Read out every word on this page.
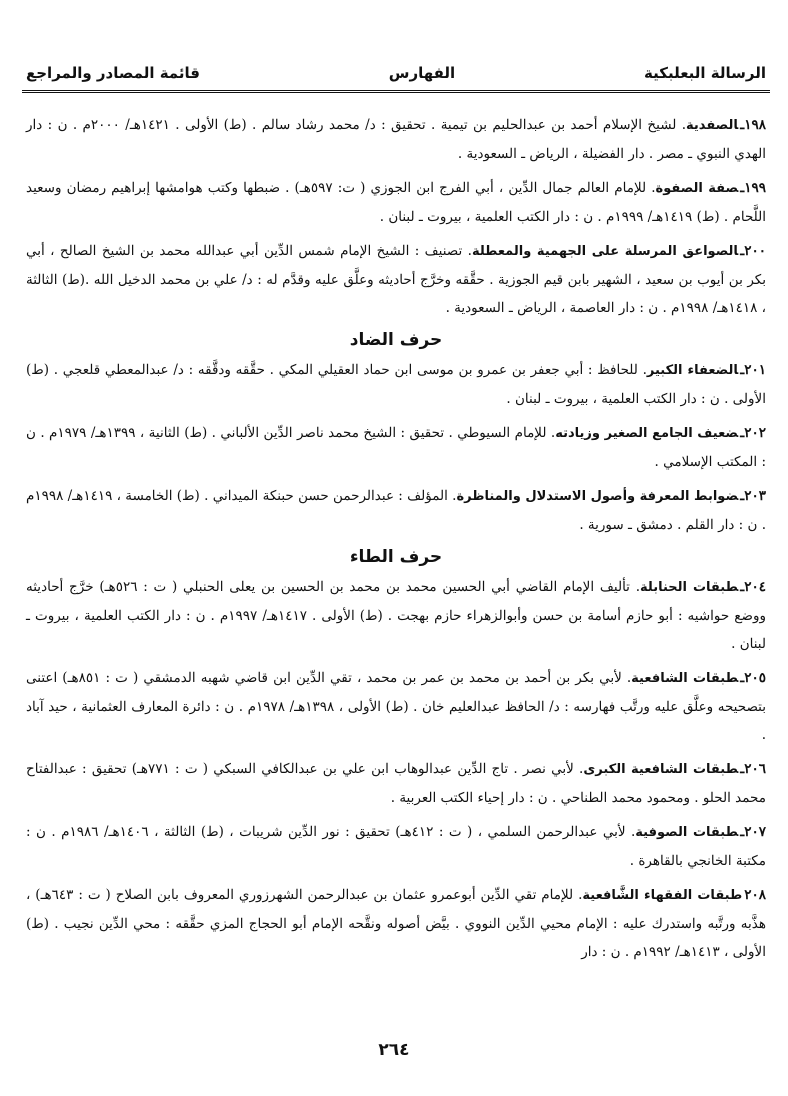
الرسالة البعلبكية
الفهارس
قائمة المصادر والمراجع

١٩٨ـالصفدية. لشيخ الإسلام أحمد بن عبدالحليم بن تيمية . تحقيق : د/ محمد رشاد سالم . (ط) الأولى . ١٤٢١هـ/ ٢٠٠٠م . ن : دار الهدي النبوي ـ مصر . دار الفضيلة ، الرياض ـ السعودية .

١٩٩ـصفة الصفوة. للإمام العالم جمال الدِّين ، أبي الفرج ابن الجوزي ( ت: ٥٩٧هـ) . ضبطها وكتب هوامشها إبراهيم رمضان وسعيد اللَّحام . (ط) ١٤١٩هـ/ ١٩٩٩م . ن : دار الكتب العلمية ، بيروت ـ لبنان .

٢٠٠ـالصواعق المرسلة على الجهمية والمعطلة. تصنيف : الشيخ الإمام شمس الدِّين أبي عبدالله محمد بن الشيخ الصالح ، أبي بكر بن أيوب بن سعيد ، الشهير بابن قيم الجوزية . حقَّقه وخرَّج أحاديثه وعلَّق عليه وقدَّم له : د/ علي بن محمد الدخيل الله .(ط) الثالثة ، ١٤١٨هـ/ ١٩٩٨م . ن : دار العاصمة ، الرياض ـ السعودية .

حرف الضاد

٢٠١ـالضعفاء الكبير. للحافظ : أبي جعفر بن عمرو بن موسى ابن حماد العقيلي المكي . حقَّقه ودقَّقه : د/ عبدالمعطي قلعجي . (ط) الأولى . ن : دار الكتب العلمية ، بيروت ـ لبنان .

٢٠٢ـضعيف الجامع الصغير وزيادته. للإمام السيوطي . تحقيق : الشيخ محمد ناصر الدِّين الألباني . (ط) الثانية ، ١٣٩٩هـ/ ١٩٧٩م . ن : المكتب الإسلامي .

٢٠٣ـضوابط المعرفة وأصول الاستدلال والمناظرة. المؤلف : عبدالرحمن حسن حبنكة الميداني . (ط) الخامسة ، ١٤١٩هـ/ ١٩٩٨م . ن : دار القلم . دمشق ـ سورية .

حرف الطاء

٢٠٤ـطبقات الحنابلة. تأليف الإمام القاضي أبي الحسين محمد بن محمد بن الحسين بن يعلى الحنبلي ( ت : ٥٢٦هـ) خرَّج أحاديثه ووضع حواشيه : أبو حازم أسامة بن حسن وأبوالزهراء حازم بهجت . (ط) الأولى . ١٤١٧هـ/ ١٩٩٧م . ن : دار الكتب العلمية ، بيروت ـ لبنان .

٢٠٥ـطبقات الشافعية. لأبي بكر بن أحمد بن محمد بن عمر بن محمد ، تقي الدِّين ابن قاضي شهبه الدمشقي ( ت : ٨٥١هـ) اعتنى بتصحيحه وعلَّق عليه ورتَّب فهارسه : د/ الحافظ عبدالعليم خان . (ط) الأولى ، ١٣٩٨هـ/ ١٩٧٨م . ن : دائرة المعارف العثمانية ، حيد آباد .

٢٠٦ـطبقات الشافعية الكبرى. لأبي نصر . تاج الدِّين عبدالوهاب ابن علي بن عبدالكافي السبكي ( ت : ٧٧١هـ) تحقيق : عبدالفتاح محمد الحلو . ومحمود محمد الطناحي . ن : دار إحياء الكتب العربية .

٢٠٧ـطبقات الصوفية. لأبي عبدالرحمن السلمي ، ( ت : ٤١٢هـ) تحقيق : نور الدِّين شريبات ، (ط) الثالثة ، ١٤٠٦هـ/ ١٩٨٦م . ن : مكتبة الخانجي بالقاهرة .

٢٠٨طبقات الفقهاء الشَّافعية. للإمام تقي الدِّين أبوعمرو عثمان بن عبدالرحمن الشهرزوري المعروف بابن الصلاح ( ت : ٦٤٣هـ) ، هذَّبه ورتَّبه واستدرك عليه : الإمام محيي الدِّين النووي . بيَّض أصوله ونقَّحه الإمام أبو الحجاج المزي حقَّقه : محي الدِّين نجيب . (ط) الأولى ، ١٤١٣هـ/ ١٩٩٢م . ن : دار

٢٦٤
